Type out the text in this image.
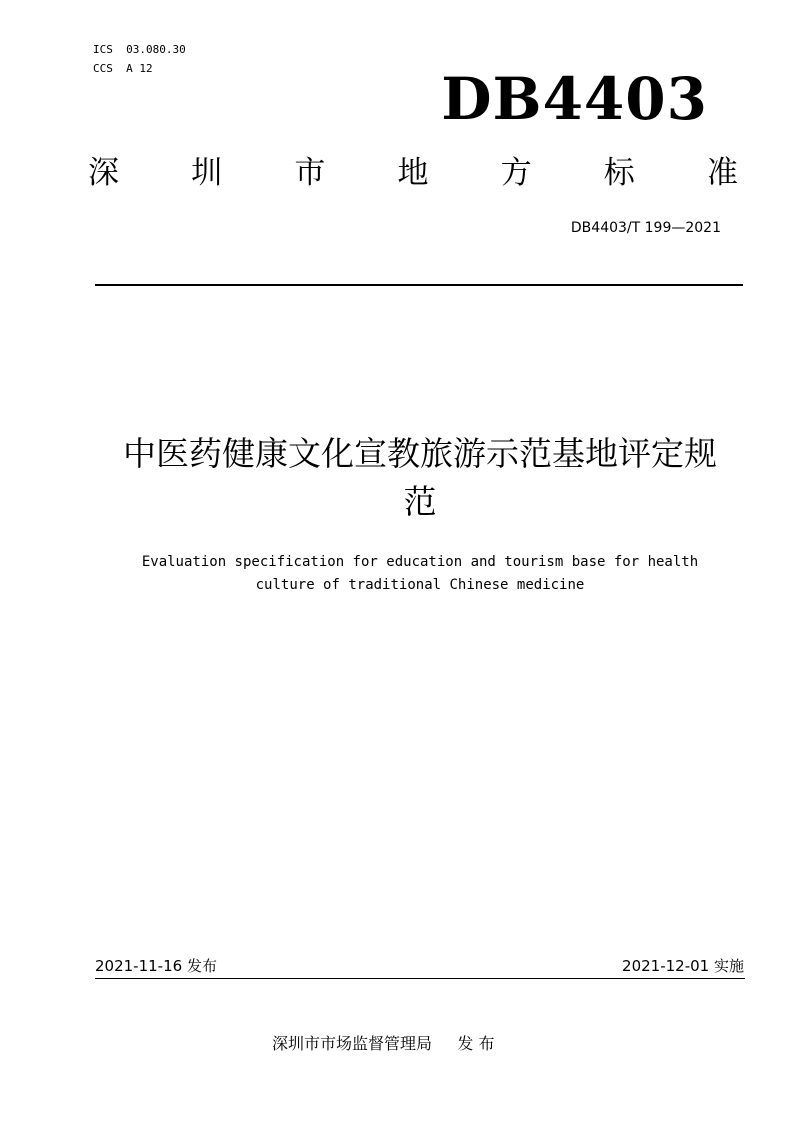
ICS  03.080.30
CCS  A 12	DB4403
深 圳 市 地 方 标 准
DB4403/T 199—2021
中医药健康文化宣教旅游示范基地评定规
范
Evaluation specification for education and tourism base for health
culture of traditional Chinese medicine
2021-11-16 发布	2021-12-01 实施
深圳市市场监督管理局     发 布
